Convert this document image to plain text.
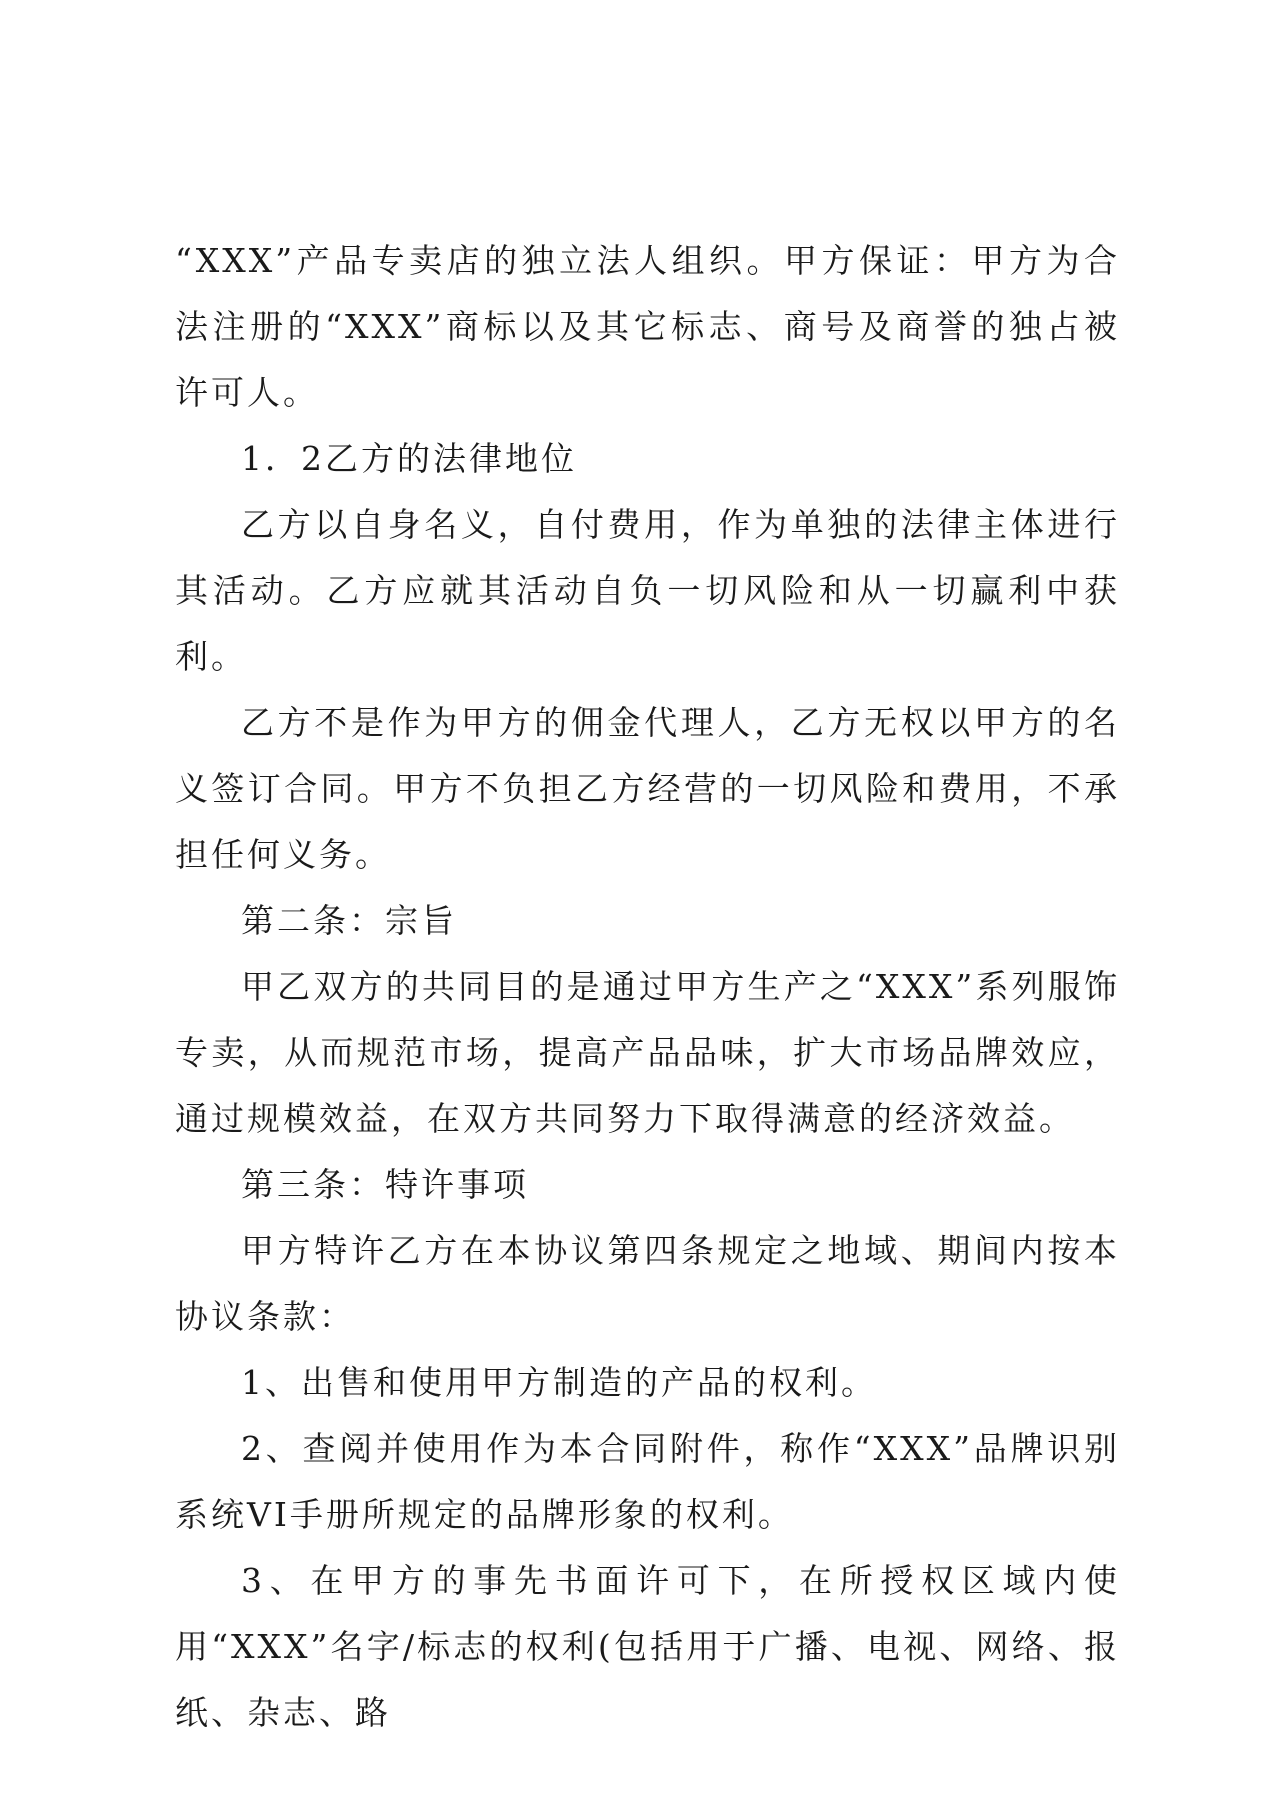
“XXX”产品专卖店的独立法人组织。甲方保证：甲方为合法注册的“XXX”商标以及其它标志、商号及商誉的独占被许可人。

1．2乙方的法律地位

乙方以自身名义，自付费用，作为单独的法律主体进行其活动。乙方应就其活动自负一切风险和从一切赢利中获利。

乙方不是作为甲方的佣金代理人，乙方无权以甲方的名义签订合同。甲方不负担乙方经营的一切风险和费用，不承担任何义务。

第二条：宗旨

甲乙双方的共同目的是通过甲方生产之“XXX”系列服饰专卖，从而规范市场，提高产品品味，扩大市场品牌效应，通过规模效益，在双方共同努力下取得满意的经济效益。

第三条：特许事项

甲方特许乙方在本协议第四条规定之地域、期间内按本协议条款：

1、出售和使用甲方制造的产品的权利。

2、查阅并使用作为本合同附件，称作“XXX”品牌识别系统VI手册所规定的品牌形象的权利。

3、在甲方的事先书面许可下，在所授权区域内使用“XXX”名字/标志的权利(包括用于广播、电视、网络、报纸、杂志、路
